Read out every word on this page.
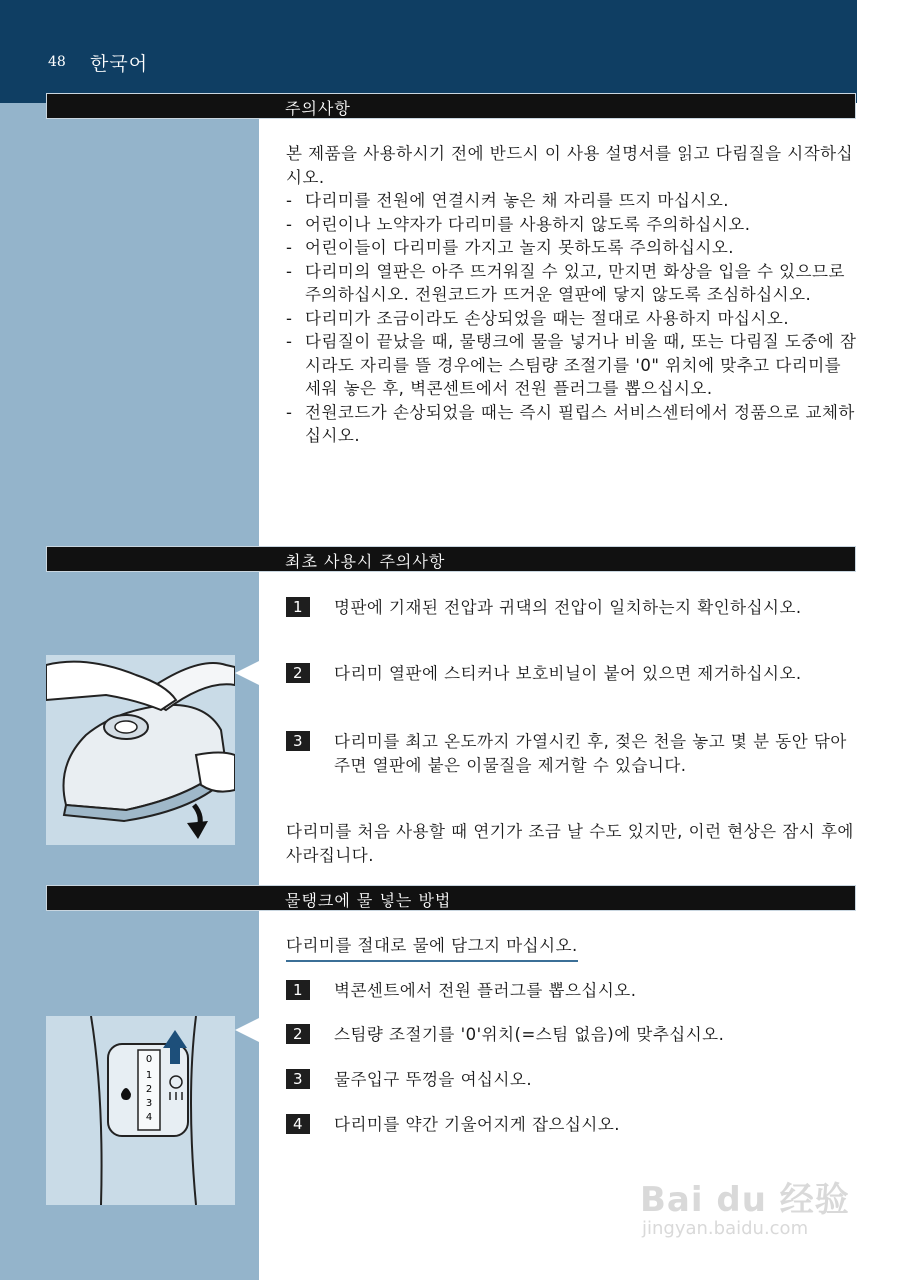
48 한국어
주의사항

본 제품을 사용하시기 전에 반드시 이 사용 설명서를 읽고 다림질을 시작하십시오.

- 다리미를 전원에 연결시켜 놓은 채 자리를 뜨지 마십시오.
- 어린이나 노약자가 다리미를 사용하지 않도록 주의하십시오.
- 어린이들이 다리미를 가지고 놀지 못하도록 주의하십시오.
- 다리미의 열판은 아주 뜨거워질 수 있고, 만지면 화상을 입을 수 있으므로 주의하십시오. 전원코드가 뜨거운 열판에 닿지 않도록 조심하십시오.
- 다리미가 조금이라도 손상되었을 때는 절대로 사용하지 마십시오.
- 다림질이 끝났을 때, 물탱크에 물을 넣거나 비울 때, 또는 다림질 도중에 잠시라도 자리를 뜰 경우에는 스팀량 조절기를 '0" 위치에 맞추고 다리미를 세워 놓은 후, 벽콘센트에서 전원 플러그를 뽑으십시오.
- 전원코드가 손상되었을 때는 즉시 필립스 서비스센터에서 정품으로 교체하십시오.
최초 사용시 주의사항
1	명판에 기재된 전압과 귀댁의 전압이 일치하는지 확인하십시오.
2	다리미 열판에 스티커나 보호비닐이 붙어 있으면 제거하십시오.
3	다리미를 최고 온도까지 가열시킨 후, 젖은 천을 놓고 몇 분 동안 닦아 주면 열판에 붙은 이물질을 제거할 수 있습니다.

다리미를 처음 사용할 때 연기가 조금 날 수도 있지만, 이런 현상은 잠시 후에 사라집니다.

물탱크에 물 넣는 방법
다리미를 절대로 물에 담그지 마십시오.
0
1
2
3
4
1	벽콘센트에서 전원 플러그를 뽑으십시오.
2	스팀량 조절기를 '0'위치(=스팀 없음)에 맞추십시오.
3	물주입구 뚜껑을 여십시오.
4	다리미를 약간 기울어지게 잡으십시오.
Bai du 经验
jingyan.baidu.com
